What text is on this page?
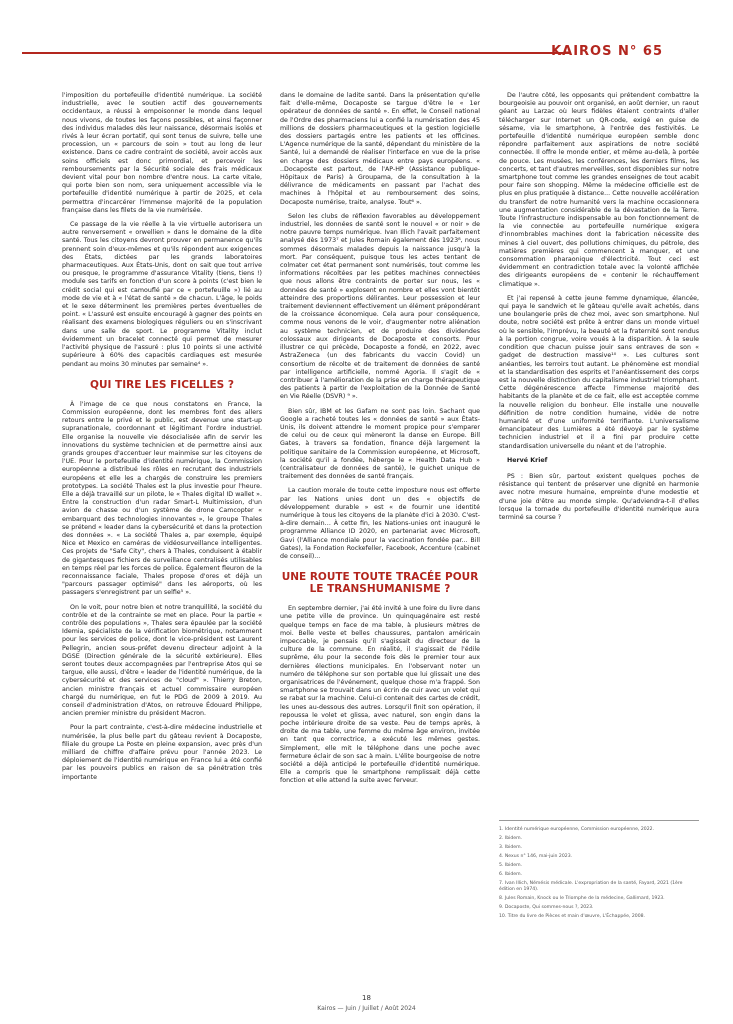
KAIROS N° 65

l'imposition du portefeuille d'identité numérique. La société industrielle, avec le soutien actif des gouvernements occidentaux, a réussi à empoisonner le monde dans lequel nous vivons, de toutes les façons possibles, et ainsi façonner des individus malades dès leur naissance, désormais isolés et rivés à leur écran portatif, qui sont tenus de suivre, telle une procession, un « parcours de soin » tout au long de leur existence. Dans ce cadre contraint de société, avoir accès aux soins officiels est donc primordial, et percevoir les remboursements par la Sécurité sociale des frais médicaux devient vital pour bon nombre d'entre nous. La carte vitale, qui porte bien son nom, sera uniquement accessible via le portefeuille d'identité numérique à partir de 2025, et cela permettra d'incarcérer l'immense majorité de la population française dans les filets de la vie numérisée.

Ce passage de la vie réelle à la vie virtuelle autorisera un autre renversement « orwellien » dans le domaine de la dite santé. Tous les citoyens devront prouver en permanence qu'ils prennent soin d'eux-mêmes et qu'ils répondent aux exigences des États, dictées par les grands laboratoires pharmaceutiques. Aux États-Unis, dont on sait que tout arrive ou presque, le programme d'assurance Vitality (tiens, tiens !) module ses tarifs en fonction d'un score à points (c'est bien le crédit social qui est camouflé par ce « portefeuille ») lié au mode de vie et à « l'état de santé » de chacun. L'âge, le poids et le sexe déterminent les premières pertes éventuelles de point. « L'assuré est ensuite encouragé à gagner des points en réalisant des examens biologiques réguliers ou en s'inscrivant dans une salle de sport. Le programme Vitality inclut évidemment un bracelet connecté qui permet de mesurer l'activité physique de l'assuré : plus 10 points si une activité supérieure à 60% des capacités cardiaques est mesurée pendant au moins 30 minutes par semaine⁴ ».

QUI TIRE LES FICELLES ?

À l'image de ce que nous constatons en France, la Commission européenne, dont les membres font des allers retours entre le privé et le public, est devenue une start-up supranationale, coordonnant et légitimant l'ordre industriel. Elle organise la nouvelle vie désocialisée afin de servir les innovations du système technicien et de permettre ainsi aux grands groupes d'accentuer leur mainmise sur les citoyens de l'UE. Pour le portefeuille d'identité numérique, la Commission européenne a distribué les rôles en recrutant des industriels européens et elle les a chargés de construire les premiers prototypes. La société Thales est la plus investie pour l'heure. Elle a déjà travaillé sur un pilote, le « Thales digital ID wallet ». Entre la construction d'un radar Smart-L Multimission, d'un avion de chasse ou d'un système de drone Camcopter « embarquant des technologies innovantes », le groupe Thales se prétend « leader dans la cybersécurité et dans la protection des données ». « La société Thales a, par exemple, équipé Nice et Mexico en caméras de vidéosurveillance intelligentes. Ces projets de "Safe City", chers à Thales, conduisent à établir de gigantesques fichiers de surveillance centralisés utilisables en temps réel par les forces de police. Également fleuron de la reconnaissance faciale, Thales propose d'ores et déjà un "parcours passager optimisé" dans les aéroports, où les passagers s'enregistrent par un selfie⁵ ».

On le voit, pour notre bien et notre tranquillité, la société du contrôle et de la contrainte se met en place. Pour la partie « contrôle des populations », Thales sera épaulée par la société Idemia, spécialiste de la vérification biométrique, notamment pour les services de police, dont le vice-président est Laurent Pellegrin, ancien sous-préfet devenu directeur adjoint à la DGSE (Direction générale de la sécurité extérieure). Elles seront toutes deux accompagnées par l'entreprise Atos qui se targue, elle aussi, d'être « leader de l'identité numérique, de la cybersécurité et des services de "cloud" ». Thierry Breton, ancien ministre français et actuel commissaire européen chargé du numérique, en fut le PDG de 2009 à 2019. Au conseil d'administration d'Atos, on retrouve Édouard Philippe, ancien premier ministre du président Macron.

Pour la part contrainte, c'est-à-dire médecine industrielle et numérisée, la plus belle part du gâteau revient à Docaposte, filiale du groupe La Poste en pleine expansion, avec près d'un milliard de chiffre d'affaire prévu pour l'année 2023. Le déploiement de l'identité numérique en France lui a été confié par les pouvoirs publics en raison de sa pénétration très importante

dans le domaine de ladite santé. Dans la présentation qu'elle fait d'elle-même, Docaposte se targue d'être le « 1er opérateur de données de santé ». En effet, le Conseil national de l'Ordre des pharmaciens lui a confié la numérisation des 45 millions de dossiers pharmaceutiques et la gestion logicielle des dossiers partagés entre les patients et les officines. L'Agence numérique de la santé, dépendant du ministère de la Santé, lui a demandé de réaliser l'interface en vue de la prise en charge des dossiers médicaux entre pays européens. « ..Docaposte est partout, de l'AP-HP (Assistance publique-Hôpitaux de Paris) à Groupama, de la consultation à la délivrance de médicaments en passant par l'achat des machines à l'hôpital et au remboursement des soins, Docaposte numérise, traite, analyse. Tout⁶ ».

Selon les clubs de réflexion favorables au développement industriel, les données de santé sont le nouvel « or noir » de notre pauvre temps numérique. Ivan Illich l'avait parfaitement analysé dès 1973⁷ et Jules Romain également dès 1923⁸, nous sommes désormais malades depuis la naissance jusqu'à la mort. Par conséquent, puisque tous les actes tentant de colmater cet état permanent sont numérisés, tout comme les informations récoltées par les petites machines connectées que nous allons être contraints de porter sur nous, les « données de santé » explosent en nombre et elles vont bientôt atteindre des proportions délirantes. Leur possession et leur traitement deviennent effectivement un élément prépondérant de la croissance économique. Cela aura pour conséquence, comme nous venons de le voir, d'augmenter notre aliénation au système technicien, et de produire des dividendes colossaux aux dirigeants de Docaposte et consorts. Pour illustrer ce qui précède, Docaposte a fondé, en 2022, avec AstraZeneca (un des fabricants du vaccin Covid) un consortium de récolte et de traitement de données de santé par intelligence artificielle, nommé Agoria. Il s'agit de « contribuer à l'amélioration de la prise en charge thérapeutique des patients à partir de l'exploitation de la Donnée de Santé en Vie Réelle (DSVR) ⁹ ».

Bien sûr, IBM et les Gafam ne sont pas loin. Sachant que Google a racheté toutes les « données de santé » aux États-Unis, ils doivent attendre le moment propice pour s'emparer de celui ou de ceux qui mèneront la danse en Europe. Bill Gates, à travers sa fondation, finance déjà largement la politique sanitaire de la Commission européenne, et Microsoft, la société qu'il a fondée, héberge le « Health Data Hub » (centralisateur de données de santé), le guichet unique de traitement des données de santé français.

La caution morale de toute cette imposture nous est offerte par les Nations unies dont un des « objectifs de développement durable » est « de fournir une identité numérique à tous les citoyens de la planète d'ici à 2030. C'est-à-dire demain… À cette fin, les Nations-unies ont inauguré le programme Alliance ID 2020, en partenariat avec Microsoft, Gavi (l'Alliance mondiale pour la vaccination fondée par... Bill Gates), la Fondation Rockefeller, Facebook, Accenture (cabinet de conseil)...

UNE ROUTE TOUTE TRACÉE POUR LE TRANSHUMANISME ?

En septembre dernier, j'ai été invité à une foire du livre dans une petite ville de province. Un quinquagénaire est resté quelque temps en face de ma table, à plusieurs mètres de moi. Belle veste et belles chaussures, pantalon américain impeccable, je pensais qu'il s'agissait du directeur de la culture de la commune. En réalité, il s'agissait de l'édile suprême, élu pour la seconde fois dès le premier tour aux dernières élections municipales. En l'observant noter un numéro de téléphone sur son portable que lui glissait une des organisatrices de l'événement, quelque chose m'a frappé. Son smartphone se trouvait dans un écrin de cuir avec un volet qui se rabat sur la machine. Celui-ci contenait des cartes de crédit, les unes au-dessous des autres. Lorsqu'il finit son opération, il repoussa le volet et glissa, avec naturel, son engin dans la poche intérieure droite de sa veste. Peu de temps après, à droite de ma table, une femme du même âge environ, invitée en tant que correctrice, a exécuté les mêmes gestes. Simplement, elle mit le téléphone dans une poche avec fermeture éclair de son sac à main. L'élite bourgeoise de notre société a déjà anticipé le portefeuille d'identité numérique. Elle a compris que le smartphone remplissait déjà cette fonction et elle attend la suite avec ferveur.

De l'autre côté, les opposants qui prétendent combattre la bourgeoisie au pouvoir ont organisé, en août dernier, un raout géant au Larzac où leurs fidèles étaient contraints d'aller télécharger sur Internet un QR-code, exigé en guise de sésame, via le smartphone, à l'entrée des festivités. Le portefeuille d'identité numérique européen semble donc répondre parfaitement aux aspirations de notre société connectée. Il offre le monde entier, et même au-delà, à portée de pouce. Les musées, les conférences, les derniers films, les concerts, et tant d'autres merveilles, sont disponibles sur notre smartphone tout comme les grandes enseignes de tout acabit pour faire son shopping. Même la médecine officielle est de plus en plus pratiquée à distance... Cette nouvelle accélération du transfert de notre humanité vers la machine occasionnera une augmentation considérable de la dévastation de la Terre. Toute l'infrastructure indispensable au bon fonctionnement de la vie connectée au portefeuille numérique exigera d'innombrables machines dont la fabrication nécessite des mines à ciel ouvert, des pollutions chimiques, du pétrole, des matières premières qui commencent à manquer, et une consommation pharaonique d'électricité. Tout ceci est évidemment en contradiction totale avec la volonté affichée des dirigeants européens de « contenir le réchauffement climatique ».

Et j'ai repensé à cette jeune femme dynamique, élancée, qui paya le sandwich et le gâteau qu'elle avait achetés, dans une boulangerie près de chez moi, avec son smartphone. Nul doute, notre société est prête à entrer dans un monde virtuel où le sensible, l'imprévu, la beauté et la fraternité sont rendus à la portion congrue, voire voués à la disparition. À la seule condition que chacun puisse jouir sans entraves de son « gadget de destruction massive¹⁰ ». Les cultures sont anéanties, les terroirs tout autant. Le phénomène est mondial et la standardisation des esprits et l'anéantissement des corps est la nouvelle distinction du capitalisme industriel triomphant. Cette dégénérescence affecte l'immense majorité des habitants de la planète et de ce fait, elle est acceptée comme la nouvelle religion du bonheur. Elle installe une nouvelle définition de notre condition humaine, vidée de notre humanité et d'une uniformité terrifiante. L'universalisme émancipateur des Lumières a été dévoyé par le système technicien industriel et il a fini par produire cette standardisation universelle du néant et de l'atrophie.

Hervé Krief

PS : Bien sûr, partout existent quelques poches de résistance qui tentent de préserver une dignité en harmonie avec notre mesure humaine, empreinte d'une modestie et d'une joie d'être au monde simple. Qu'adviendra-t-il d'elles lorsque la tornade du portefeuille d'identité numérique aura terminé sa course ?

1. Identité numérique européenne, Commission européenne, 2022.
2. Ibidem.
3. Ibidem.
4. Nexus n° 146, mai-juin 2023.
5. Ibidem.
6. Ibidem.
7. Ivan Illich, Némésis médicale. L'expropriation de la santé, Fayard, 2021 (1ère édition en 1974).
8. Jules Romain, Knock ou le Triomphe de la médecine, Gallimard, 1923.
9. Docaposte, Qui sommes-nous ?, 2023.
10. Titre du livre de Pièces et main d'œuvre, L'Échappée, 2008.
18
Kairos — Juin / Juillet / Août 2024
